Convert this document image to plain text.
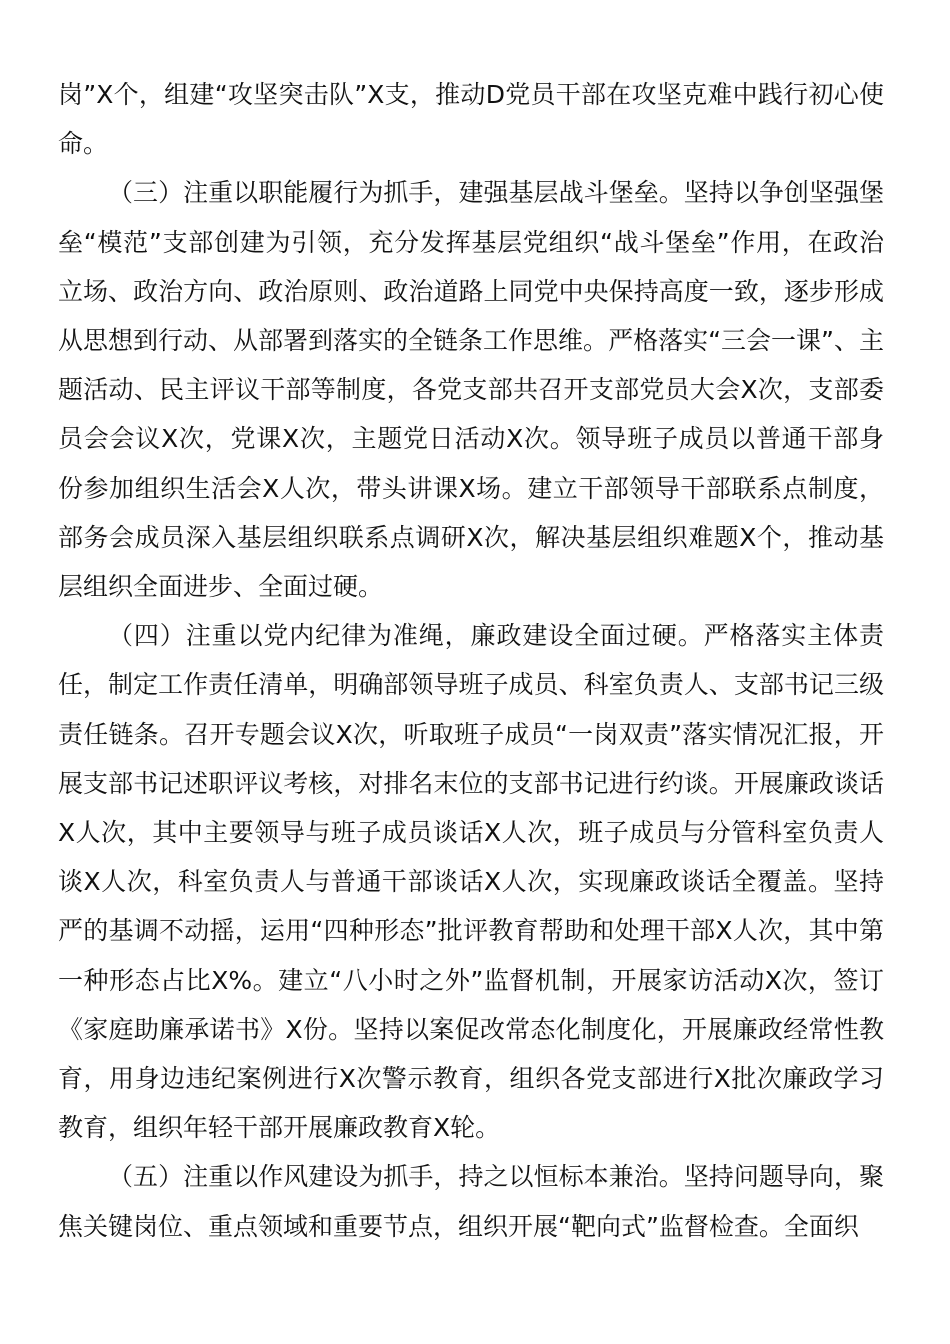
岗”X个，组建“攻坚突击队”X支，推动D党员干部在攻坚克难中践行初心使命。

（三）注重以职能履行为抓手，建强基层战斗堡垒。坚持以争创坚强堡垒“模范”支部创建为引领，充分发挥基层党组织“战斗堡垒”作用，在政治立场、政治方向、政治原则、政治道路上同党中央保持高度一致，逐步形成从思想到行动、从部署到落实的全链条工作思维。严格落实“三会一课”、主题活动、民主评议干部等制度，各党支部共召开支部党员大会X次，支部委员会会议X次，党课X次，主题党日活动X次。领导班子成员以普通干部身份参加组织生活会X人次，带头讲课X场。建立干部领导干部联系点制度，部务会成员深入基层组织联系点调研X次，解决基层组织难题X个，推动基层组织全面进步、全面过硬。

（四）注重以党内纪律为准绳，廉政建设全面过硬。严格落实主体责任，制定工作责任清单，明确部领导班子成员、科室负责人、支部书记三级责任链条。召开专题会议X次，听取班子成员“一岗双责”落实情况汇报，开展支部书记述职评议考核，对排名末位的支部书记进行约谈。开展廉政谈话X人次，其中主要领导与班子成员谈话X人次，班子成员与分管科室负责人谈X人次，科室负责人与普通干部谈话X人次，实现廉政谈话全覆盖。坚持严的基调不动摇，运用“四种形态”批评教育帮助和处理干部X人次，其中第一种形态占比X%。建立“八小时之外”监督机制，开展家访活动X次，签订《家庭助廉承诺书》X份。坚持以案促改常态化制度化，开展廉政经常性教育，用身边违纪案例进行X次警示教育，组织各党支部进行X批次廉政学习教育，组织年轻干部开展廉政教育X轮。

（五）注重以作风建设为抓手，持之以恒标本兼治。坚持问题导向，聚焦关键岗位、重点领域和重要节点，组织开展“靶向式”监督检查。全面织
